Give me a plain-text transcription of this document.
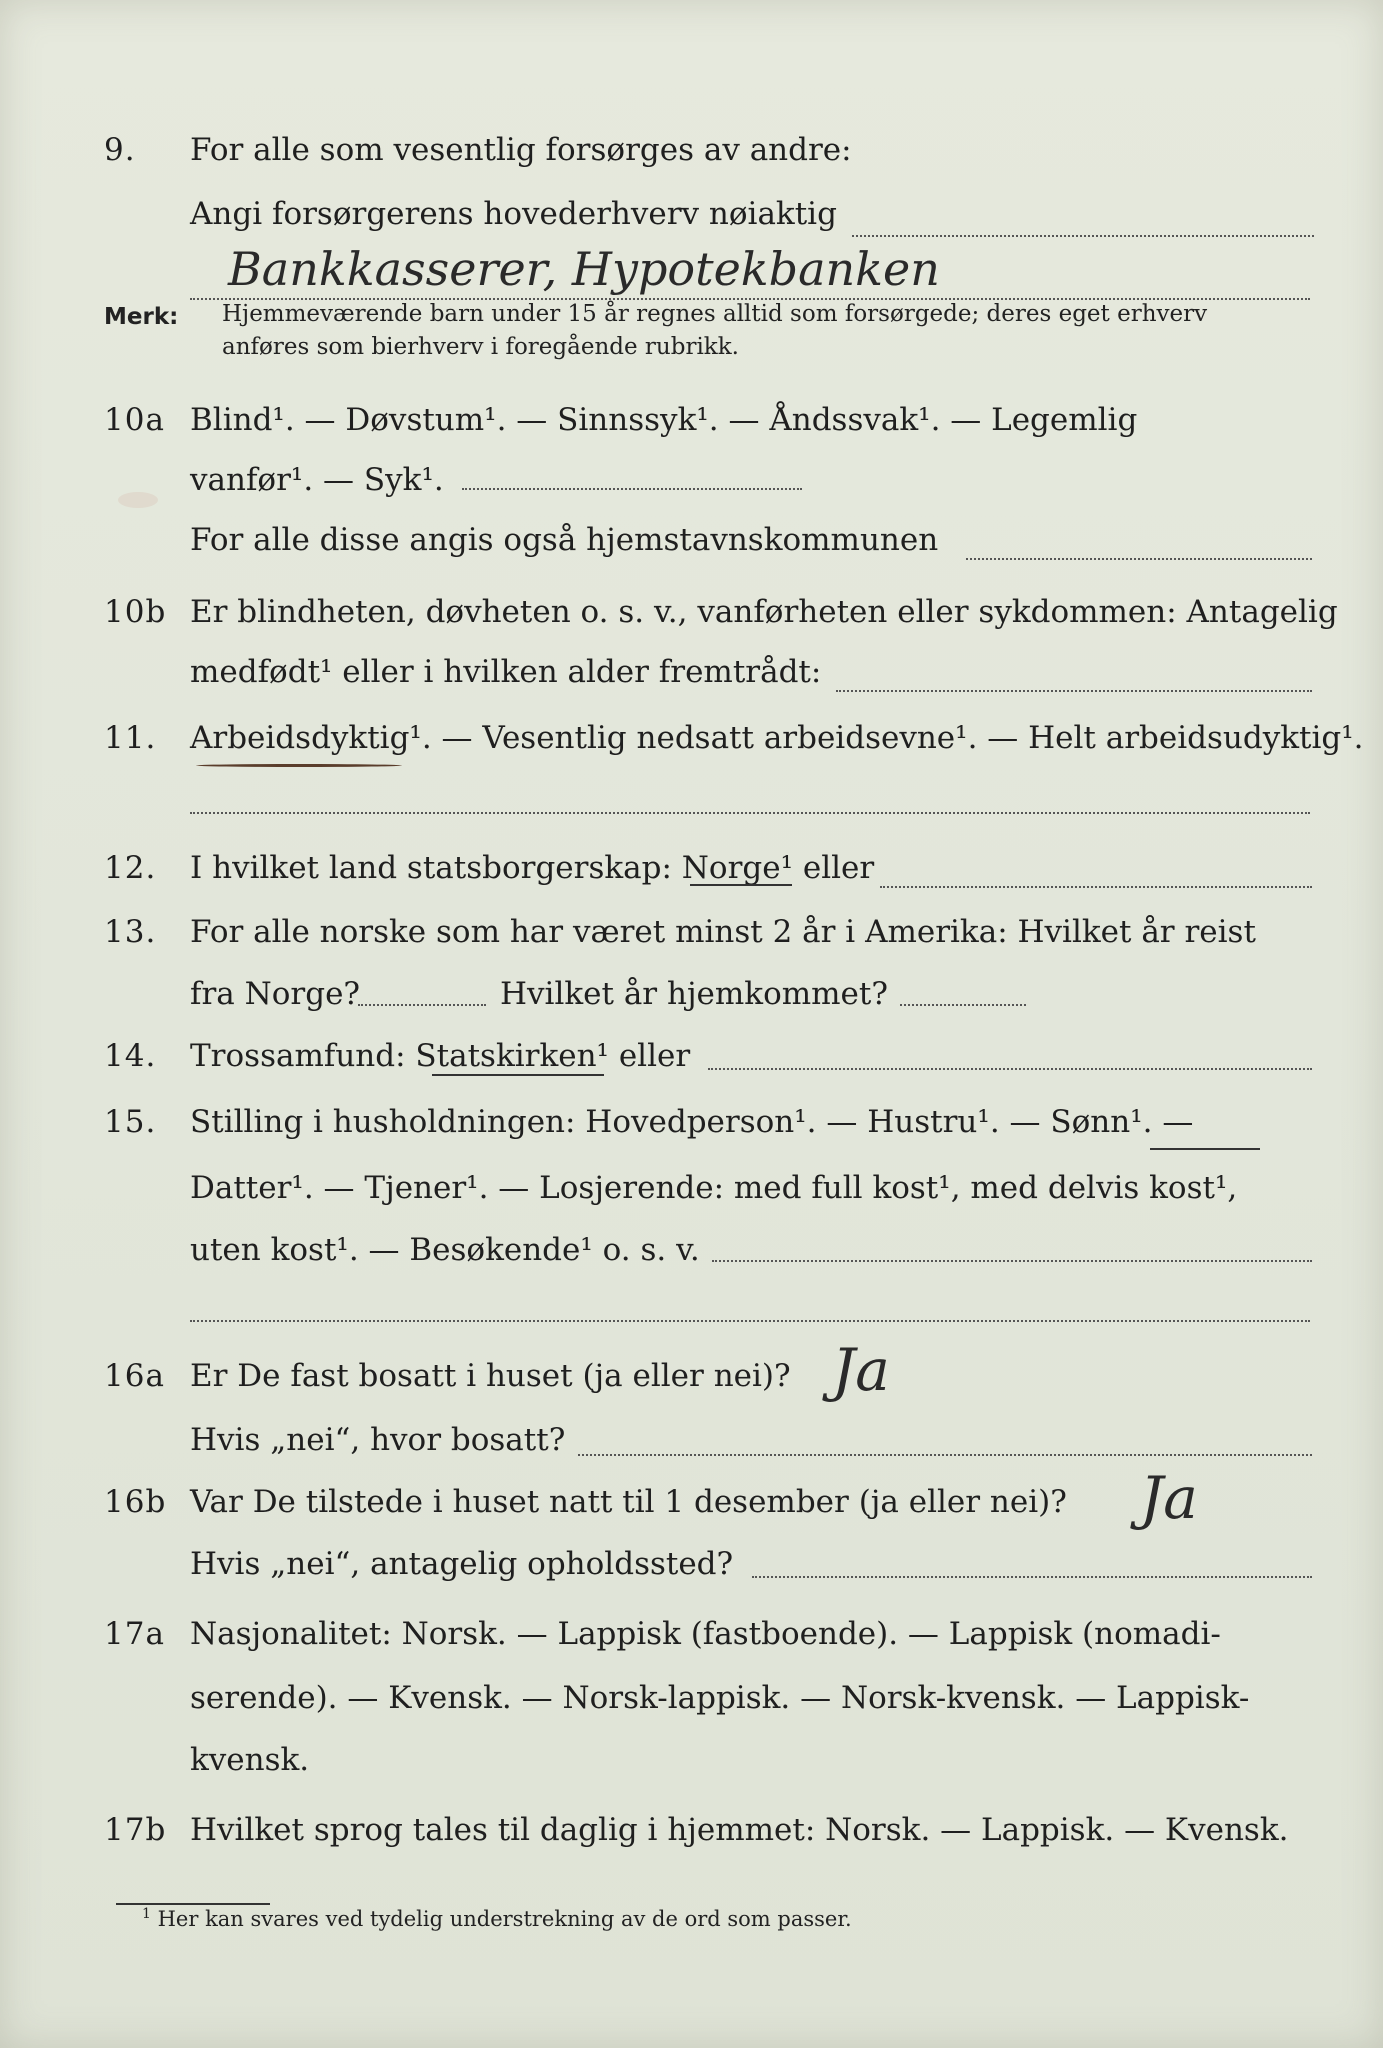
9.	For alle som vesentlig forsørges av andre:
Angi forsørgerens hovederhverv nøiaktig
Bankkasserer, Hypotekbanken
Merk: Hjemmeværende barn under 15 år regnes alltid som forsørgede; deres eget erhverv
anføres som bierhverv i foregående rubrikk.
10a Blind¹. — Døvstum¹. — Sinnssyk¹. — Åndssvak¹. — Legemlig
vanfør¹. — Syk¹.
For alle disse angis også hjemstavnskommunen
10b Er blindheten, døvheten o. s. v., vanførheten eller sykdommen: Antagelig
medfødt¹ eller i hvilken alder fremtrådt:
11.	Arbeidsdyktig¹. — Vesentlig nedsatt arbeidsevne¹. — Helt arbeidsudyktig¹.
12.	I hvilket land statsborgerskap: Norge¹ eller
13.	For alle norske som har været minst 2 år i Amerika: Hvilket år reist
fra Norge?	Hvilket år hjemkommet?
14.	Trossamfund: Statskirken¹ eller
15.	Stilling i husholdningen: Hovedperson¹. — Hustru¹. — Sønn¹. —
Datter¹. — Tjener¹. — Losjerende: med full kost¹, med delvis kost¹,
uten kost¹. — Besøkende¹ o. s. v.
16a Er De fast bosatt i huset (ja eller nei)? Ja
Hvis „nei“, hvor bosatt?
16b Var De tilstede i huset natt til 1 desember (ja eller nei)? Ja
Hvis „nei“, antagelig opholdssted?
17a Nasjonalitet: Norsk. — Lappisk (fastboende). — Lappisk (nomadi-
serende). — Kvensk. — Norsk-lappisk. — Norsk-kvensk. — Lappisk-
kvensk.
17b Hvilket sprog tales til daglig i hjemmet: Norsk. — Lappisk. — Kvensk.
$^1$ Her kan svares ved tydelig understrekning av de ord som passer.
